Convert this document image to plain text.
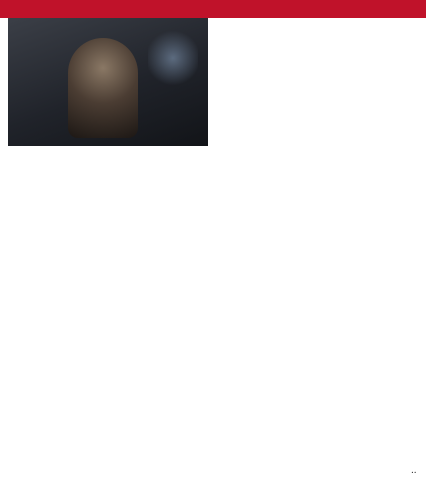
• •
